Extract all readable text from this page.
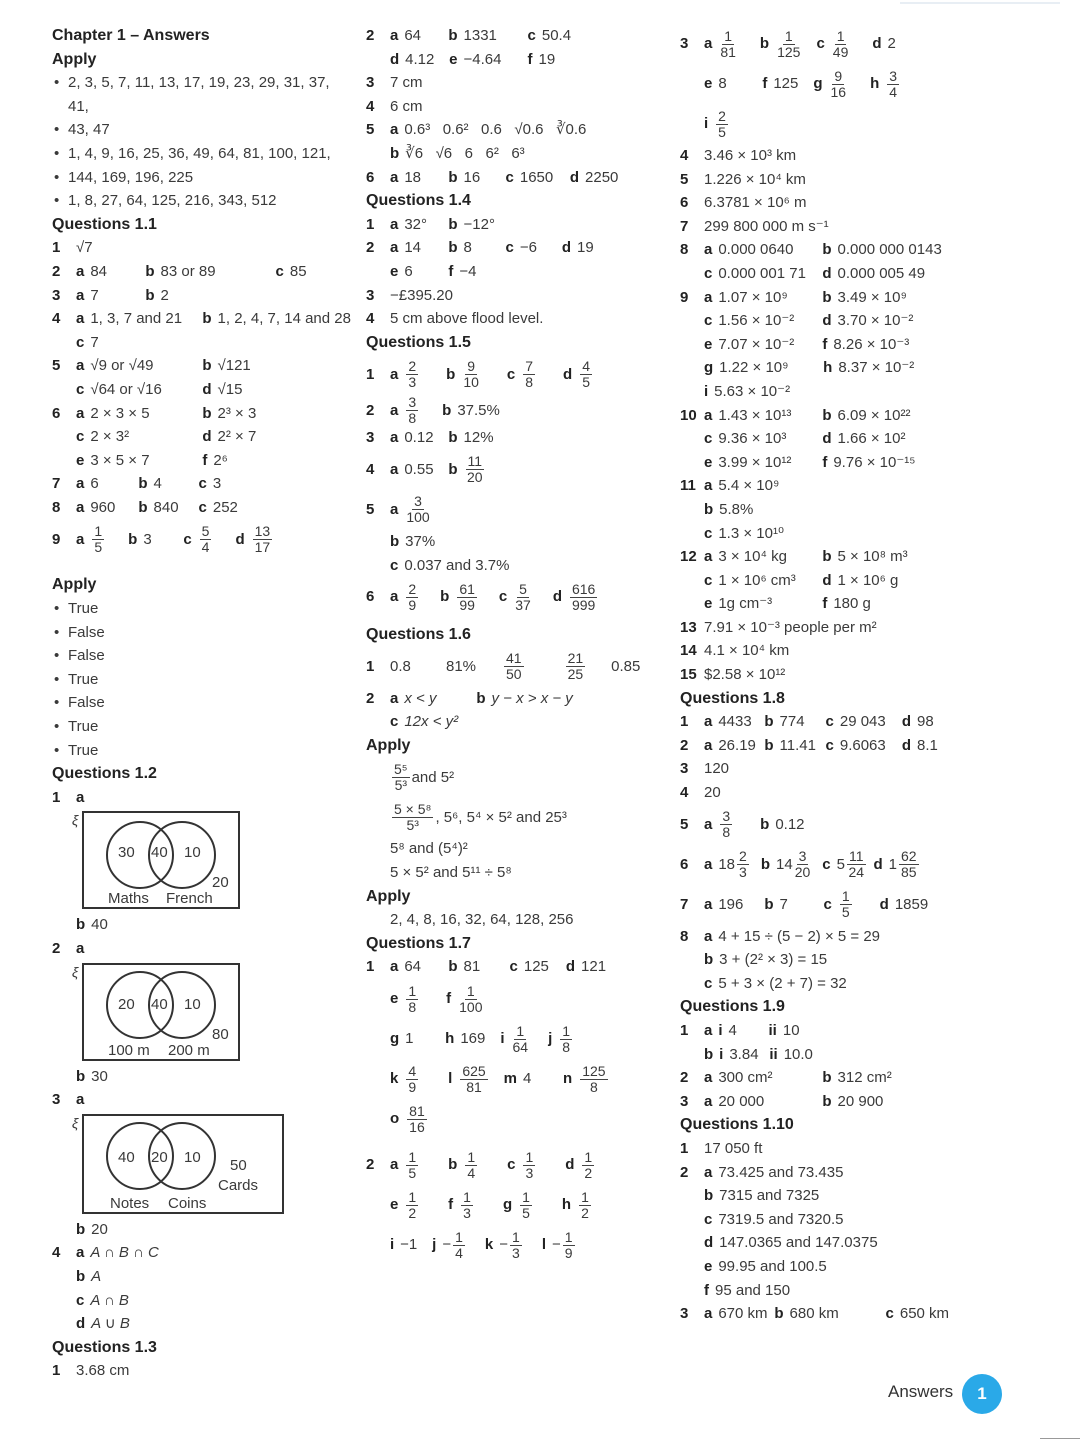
Chapter 1 – Answers
Apply
• 2, 3, 5, 7, 11, 13, 17, 19, 23, 29, 31, 37, 41,
• 43, 47
• 1, 4, 9, 16, 25, 36, 49, 64, 81, 100, 121,
• 144, 169, 196, 225
• 1, 8, 27, 64, 125, 216, 343, 512
Questions 1.1
1	√7
2	a 84	b 83 or 89	c 85
3	a 7	b 2
4	a 1, 3, 7 and 21	b 1, 2, 4, 7, 14 and 28
c 7
5	a √9 or √49	b √121
c √64 or √16	d √15
6	a 2 × 3 × 5	b 2³ × 3
c 2 × 3²	d 2² × 7
e 3 × 5 × 7	f 2⁶
7	a 6	b 4	c 3
8	a 960	b 840	c 252
9	a $\frac{1}{5}$ b 3	c $\frac{5}{4}$ d $\frac{13}{17}$
Apply
• True
• False
• False
• True
• False
• True
• True
Questions 1.2
1	a
ξ
30 40 10
20
Maths French
b 40
2	a
ξ
20 40 10
80
100 m 200 m
b 30
3	a
ξ
40 20 10 50
Cards
Notes Coins
b 20
4	a A ∩ B ∩ C
b A
c A ∩ B
d A ∪ B
Questions 1.3
1	3.68 cm
2	a 64	b 1331	c 50.4
d 4.12 e −4.64	f 19
3	7 cm
4	6 cm
5	a 0.6³   0.6²   0.6   √0.6   ∛0.6
b ∛6   √6   6   6²   6³
6	a 18	b 16	c 1650	d 2250
Questions 1.4
1	a 32°	b −12°
2	a 14	b 8	c −6	d 19
e 6	f −4
3	−£395.20
4	5 cm above flood level.
Questions 1.5
1	a $\frac{2}{3}$ b $\frac{9}{10}$ c $\frac{7}{8}$ d $\frac{4}{5}$
2	a $\frac{3}{8}$ b 37.5%
3	a 0.12 b 12%
4	a 0.55 b $\frac{11}{20}$
5	a $\frac{3}{100}$
b 37%
c 0.037 and 3.7%
6	a $\frac{2}{9}$ b $\frac{61}{99}$ c $\frac{5}{37}$ d $\frac{616}{999}$
Questions 1.6
1	0.8	81%	$\frac{41}{50}$	$\frac{21}{25} 0.85$
2	a x < y	b y − x > x − y
c 12x < y²
Apply
$\frac{\text{5⁵}}{\text{5³}}$ and 5²
$\frac{\text{5 × 5⁸}}{\text{5³}}$ , 5⁶, 5⁴ × 5² and 25³
5⁸ and (5⁴)²
5 × 5² and 5¹¹ ÷ 5⁸
Apply
2, 4, 8, 16, 32, 64, 128, 256
Questions 1.7
1	a 64	b 81	c 125	d 121
e $\frac{1}{8}$ f $\frac{1}{100}$
g 1	h 169 i $\frac{1}{64}$ j $\frac{1}{8}$
k $\frac{4}{9}$ l $\frac{625}{81}$ m 4	n $\frac{125}{8}$
o $\frac{81}{16}$
2	a $\frac{1}{5}$ b $\frac{1}{4}$ c $\frac{1}{3}$ d $\frac{1}{2}$
e $\frac{1}{2}$ f $\frac{1}{3}$ g $\frac{1}{5}$ h $\frac{1}{2}$
i −1 $j - \frac{1}{4}$ $k - \frac{1}{3}$ $l - \frac{1}{9}$
3	a $\frac{1}{81}$ b $\frac{1}{125}$ c $\frac{1}{49}$ d 2
e 8	f 125 g $\frac{9}{16}$ h $\frac{3}{4}$
i $\frac{2}{5}$
4	3.46 × 10³ km
5	1.226 × 10⁴ km
6	6.3781 × 10⁶ m
7	299 800 000 m s⁻¹
8	a 0.000 0640	b 0.000 000 0143
c 0.000 001 71	d 0.000 005 49
9	a 1.07 × 10⁹	b 3.49 × 10⁹
c 1.56 × 10⁻²	d 3.70 × 10⁻²
e 7.07 × 10⁻²	f 8.26 × 10⁻³
g 1.22 × 10⁹	h 8.37 × 10⁻²
i 5.63 × 10⁻²
10 a 1.43 × 10¹³	b 6.09 × 10²²
c 9.36 × 10³	d 1.66 × 10²
e 3.99 × 10¹²	f 9.76 × 10⁻¹⁵
11 a 5.4 × 10⁹
b 5.8%
c 1.3 × 10¹⁰
12 a 3 × 10⁴ kg	b 5 × 10⁸ m³
c 1 × 10⁶ cm³	d 1 × 10⁶ g
e 1g cm⁻³	f 180 g
13 7.91 × 10⁻³ people per m²
14 4.1 × 10⁴ km
15 $2.58 × 10¹²
Questions 1.8
1	a 4433 b 774	c 29 043	d 98
2	a 26.19 b 11.41 c 9.6063	d 8.1
3	120
4	20
5	a $\frac{3}{8}$ b 0.12
6	a $18 \frac{2}{3}$ b $14 \frac{3}{20}$ c $5 \frac{11}{24}$ d $1 \frac{62}{85}$
7	a 196	b 7	c $\frac{1}{5}$ d 1859
8	a 4 + 15 ÷ (5 − 2) × 5 = 29
b 3 + (2² × 3) = 15
c 5 + 3 × (2 + 7) = 32
Questions 1.9
1	a i 4	ii 10
b i 3.84 ii 10.0
2	a 300 cm²	b 312 cm²
3	a 20 000	b 20 900
Questions 1.10
1	17 050 ft
2	a 73.425 and 73.435
b 7315 and 7325
c 7319.5 and 7320.5
d 147.0365 and 147.0375
e 99.95 and 100.5
f 95 and 150
3	a 670 km b 680 km	c 650 km
Answers	1
